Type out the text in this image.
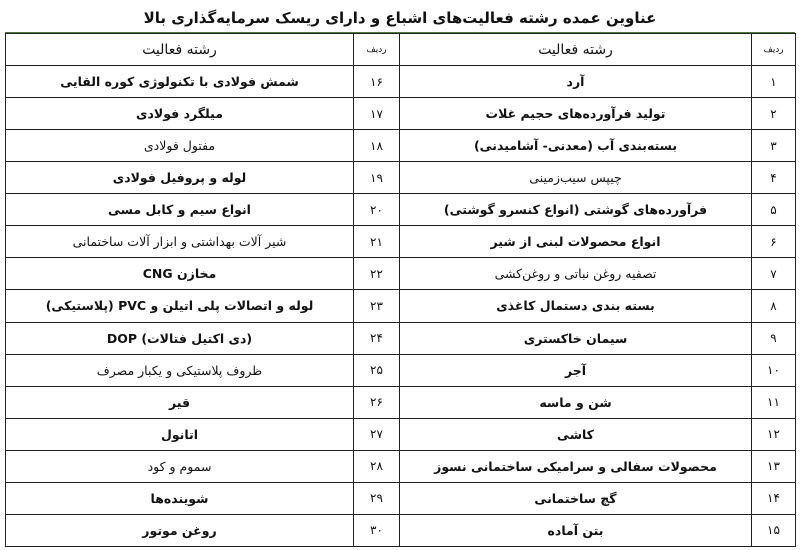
عناوین عمده رشته فعالیت‌های اشباع و دارای ریسک سرمایه‌گذاری بالا
ردیف	رشته فعالیت	ردیف	رشته فعالیت
۱	آرد	۱۶	شمش فولادی با تکنولوژی کوره القایی
۲	تولید فرآورده‌های حجیم غلات	۱۷	میلگرد فولادی
۳	بسته‌بندی آب (معدنی- آشامیدنی)	۱۸	مفتول فولادی
۴	چیپس سیب‌زمینی	۱۹	لوله و پروفیل فولادی
۵	فرآورده‌های گوشتی (انواع کنسرو گوشتی)	۲۰	انواع سیم و کابل مسی
۶	انواع محصولات لبنی از شیر	۲۱	شیر آلات بهداشتی و ابزار آلات ساختمانی
۷	تصفیه روغن نباتی و روغن‌کشی	۲۲	مخازن CNG
۸	بسته بندی دستمال کاغذی	۲۳	لوله و اتصالات پلی اتیلن و PVC (پلاستیکی)
۹	سیمان خاکستری	۲۴	(دی اکتیل فتالات) DOP
۱۰	آجر	۲۵	ظروف پلاستیکی و یکبار مصرف
۱۱	شن و ماسه	۲۶	قیر
۱۲	کاشی	۲۷	اتانول
۱۳	محصولات سفالی و سرامیکی ساختمانی نسوز	۲۸	سموم و کود
۱۴	گچ ساختمانی	۲۹	شوینده‌ها
۱۵	بتن آماده	۳۰	روغن موتور
